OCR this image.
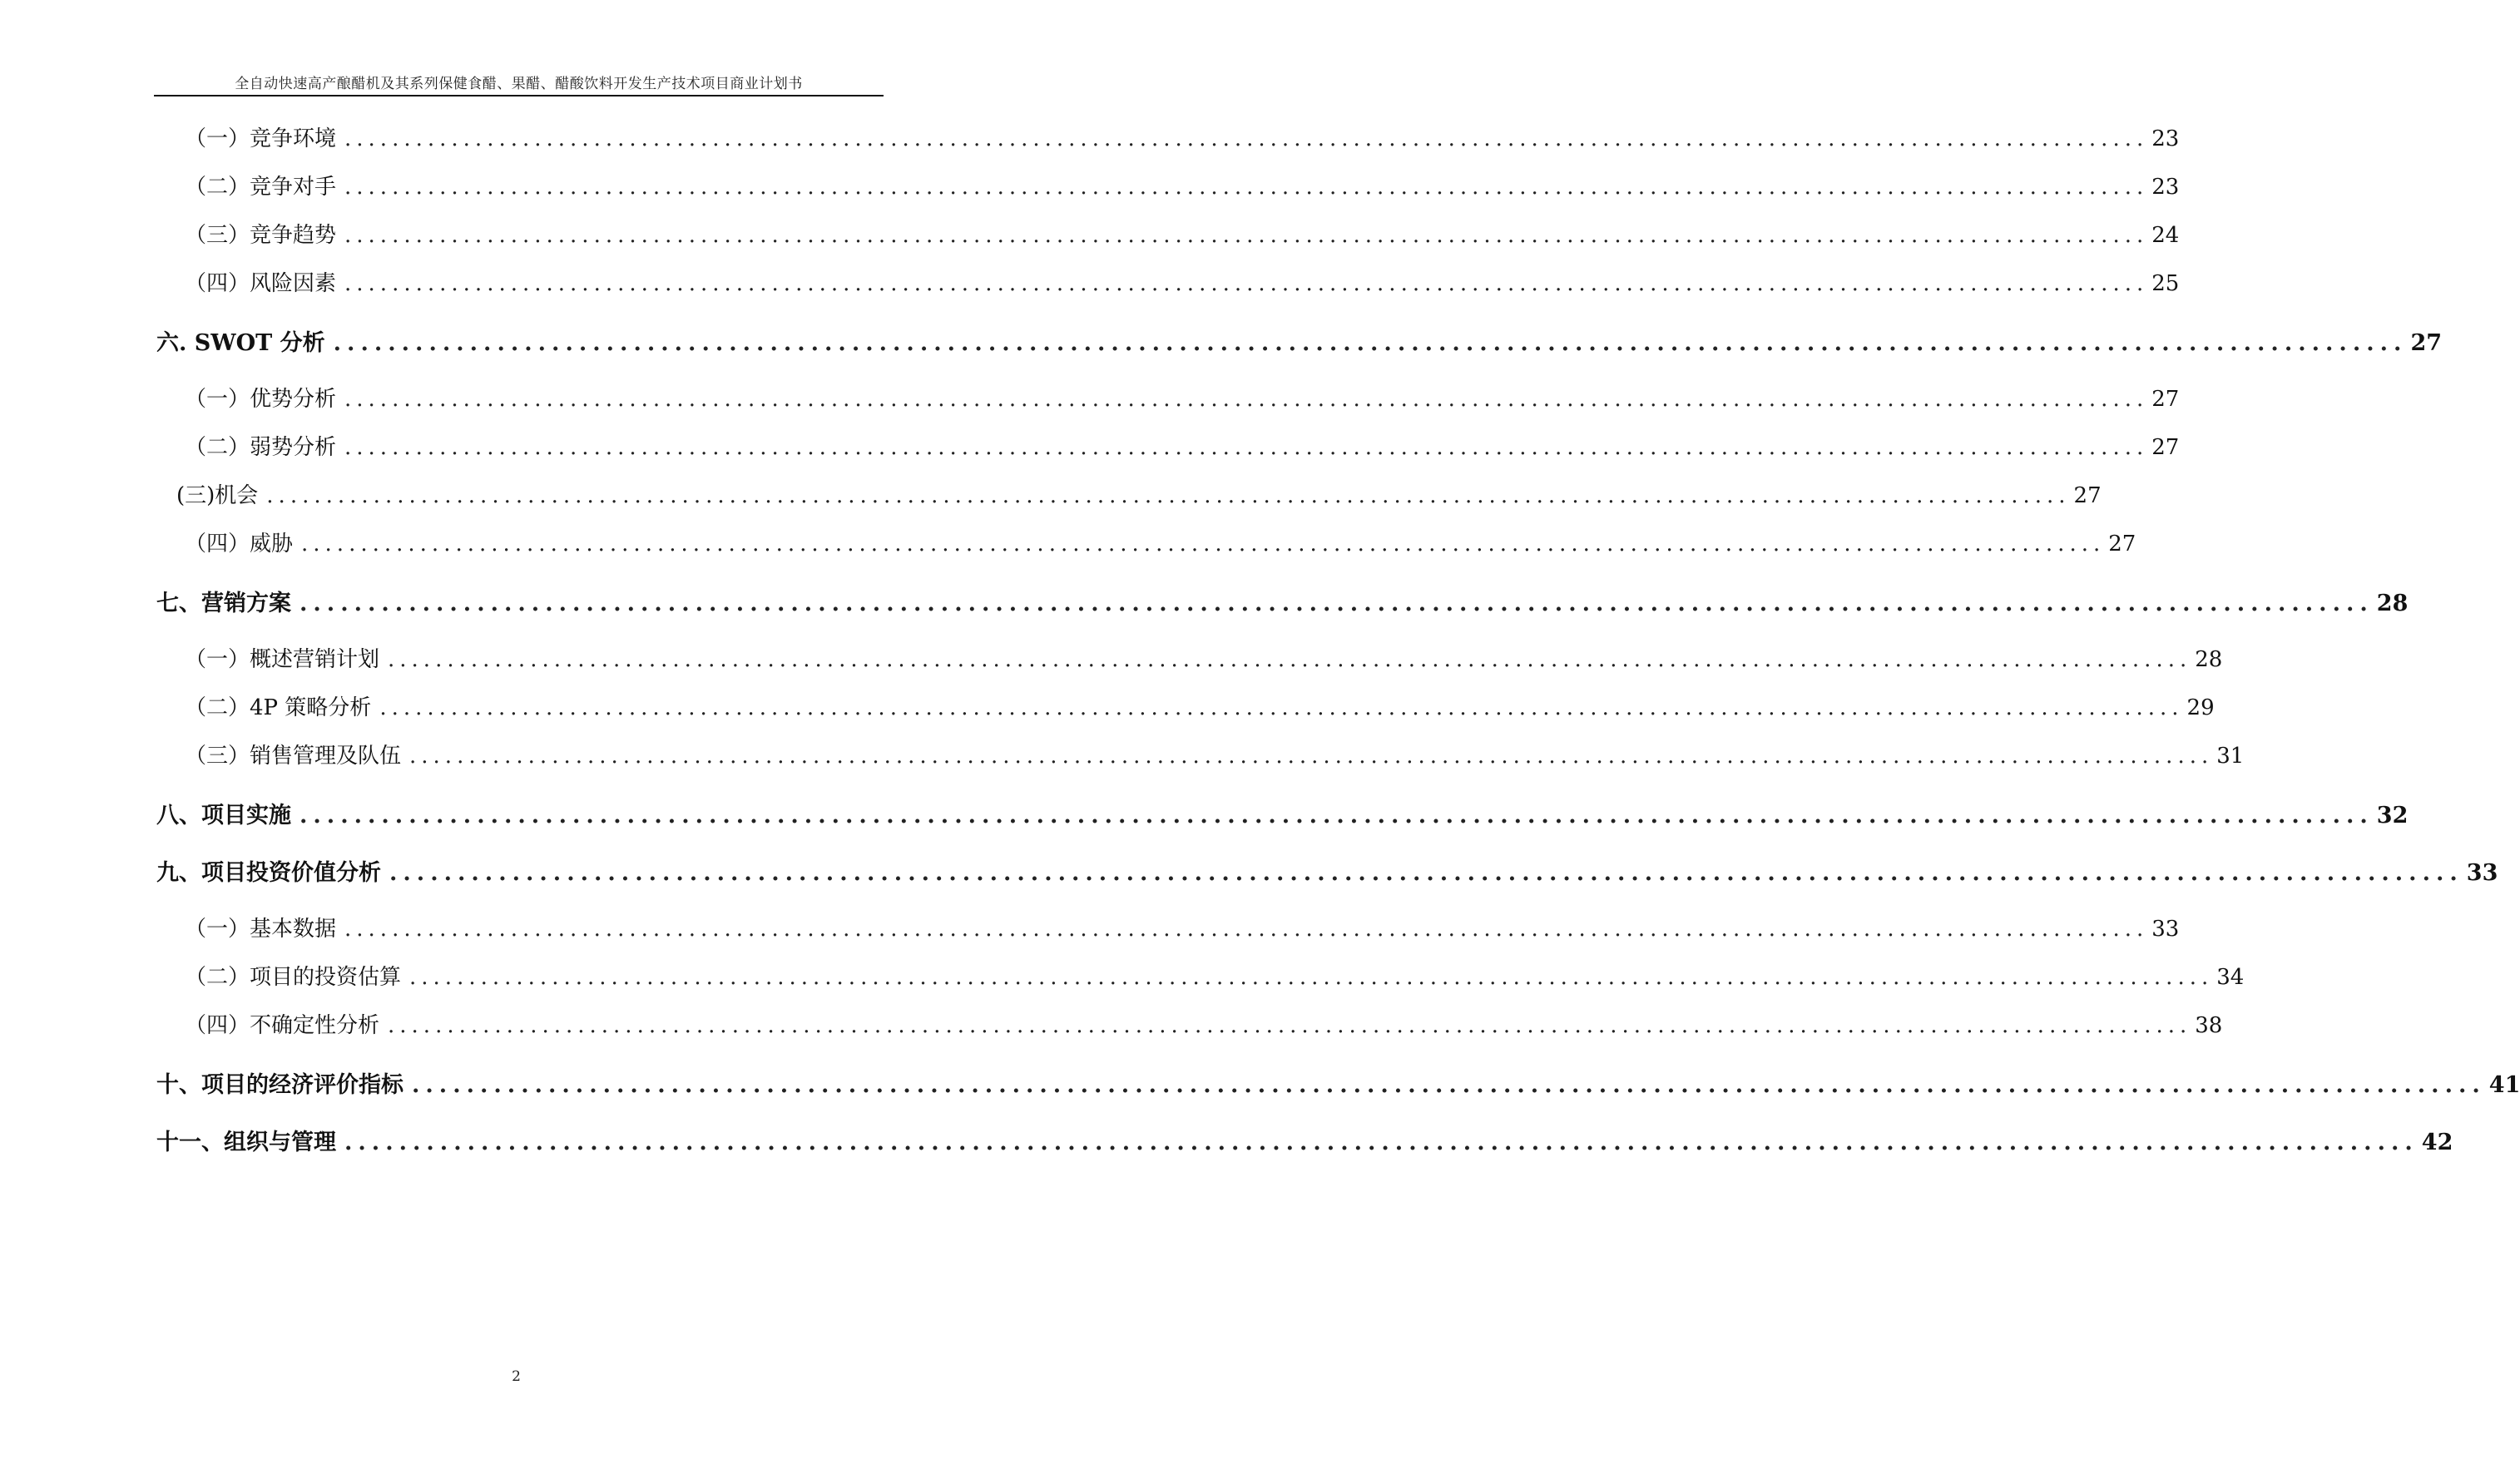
全自动快速高产酿醋机及其系列保健食醋、果醋、醋酸饮料开发生产技术项目商业计划书
（一）竞争环境 ........................................................................................................................................................ 23
（二）竞争对手 ........................................................................................................................................................ 23
（三）竞争趋势 ........................................................................................................................................................ 24
（四）风险因素 ........................................................................................................................................................ 25
六. SWOT 分析 ........................................................................................................................................................ 27
（一）优势分析 ........................................................................................................................................................ 27
（二）弱势分析 ........................................................................................................................................................ 27
(三)机会 ........................................................................................................................................................ 27
（四）威胁 ........................................................................................................................................................ 27
七、营销方案 ........................................................................................................................................................ 28
（一）概述营销计划 ........................................................................................................................................................ 28
（二）4P 策略分析 ........................................................................................................................................................ 29
（三）销售管理及队伍 ........................................................................................................................................................ 31
八、项目实施 ........................................................................................................................................................ 32
九、项目投资价值分析 ........................................................................................................................................................ 33
（一）基本数据 ........................................................................................................................................................ 33
（二）项目的投资估算 ........................................................................................................................................................ 34
（四）不确定性分析 ........................................................................................................................................................ 38
十、项目的经济评价指标 ........................................................................................................................................................ 41
十一、组织与管理 ........................................................................................................................................................ 42
2
